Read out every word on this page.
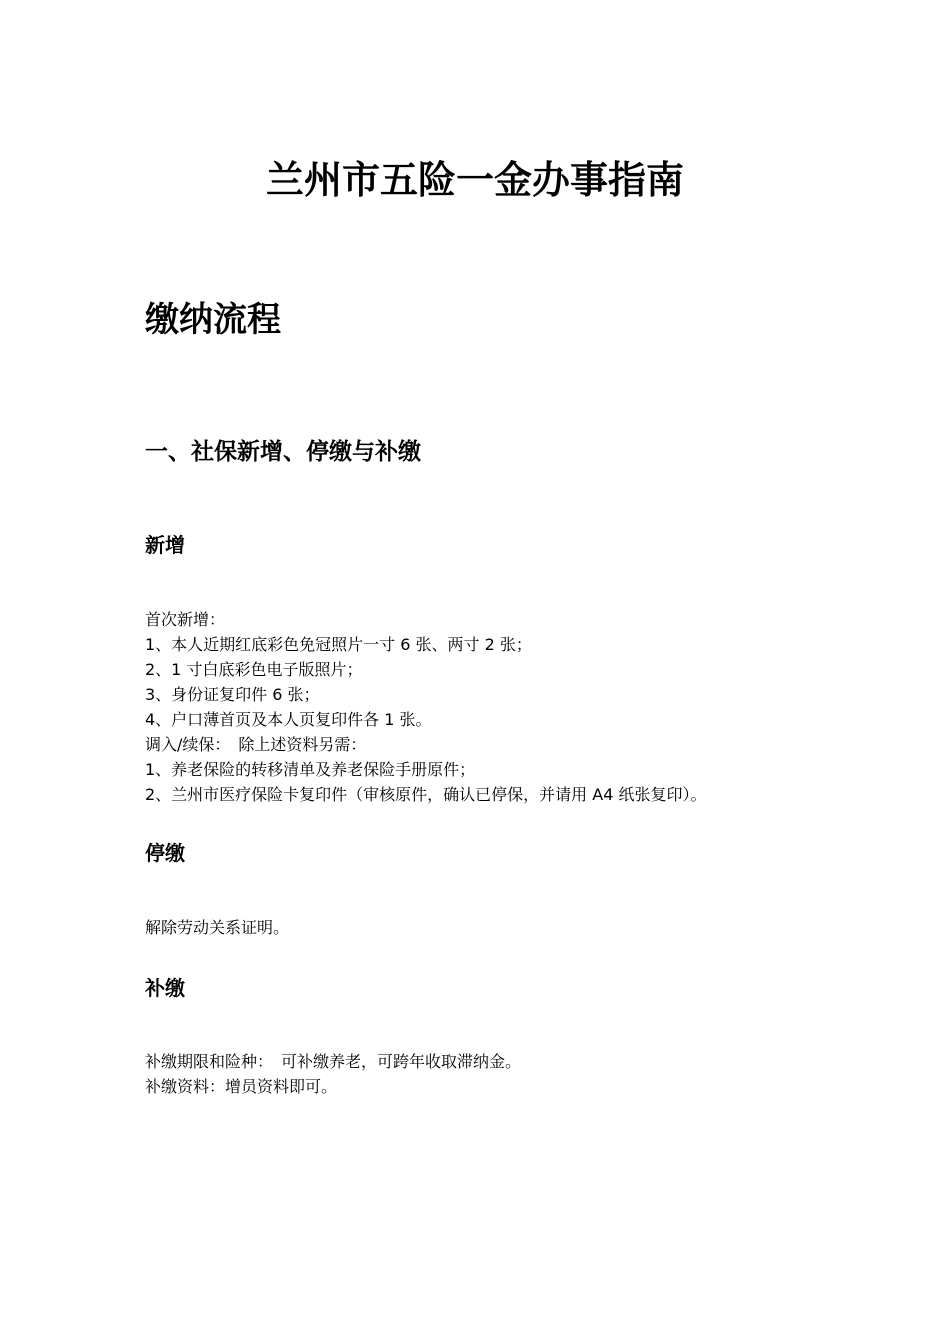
兰州市五险一金办事指南
缴纳流程
一、社保新增、停缴与补缴
新增
首次新增：
1、本人近期红底彩色免冠照片一寸 6 张、两寸 2 张；
2、1 寸白底彩色电子版照片；
3、身份证复印件 6 张；
4、户口薄首页及本人页复印件各 1 张。
调入/续保：　除上述资料另需：
1、养老保险的转移清单及养老保险手册原件；
2、兰州市医疗保险卡复印件（审核原件，确认已停保，并请用 A4 纸张复印）。
停缴
解除劳动关系证明。
补缴
补缴期限和险种：　可补缴养老，可跨年收取滞纳金。
补缴资料：增员资料即可。
